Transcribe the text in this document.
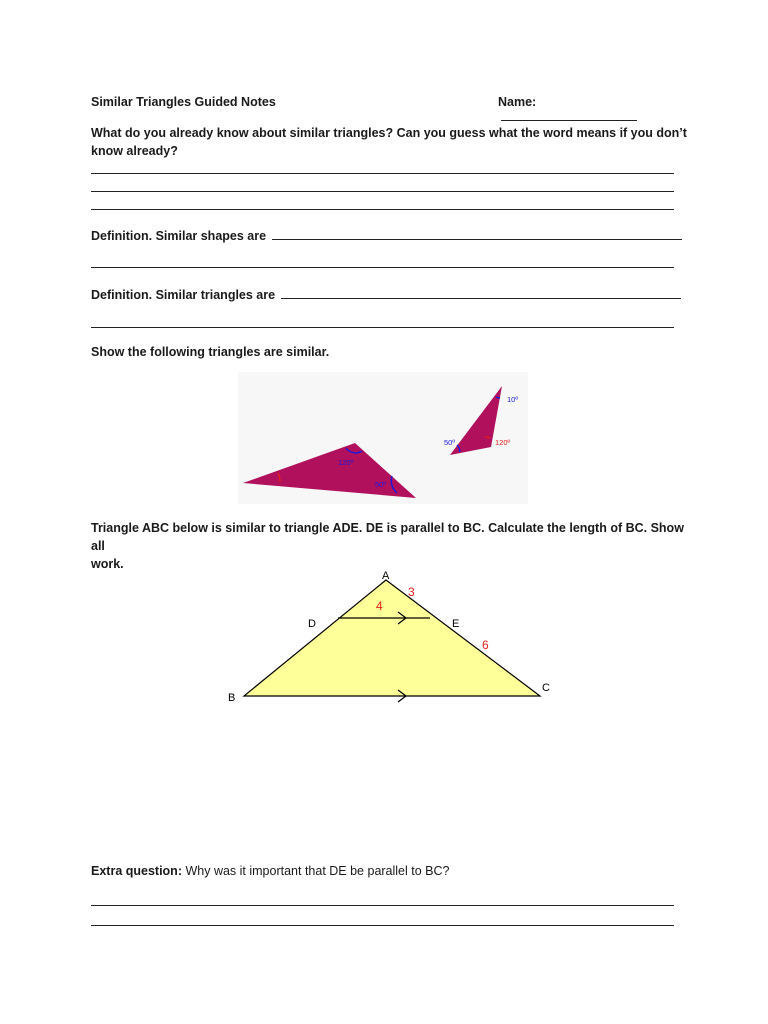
Similar Triangles Guided Notes	Name:
What do you already know about similar triangles? Can you guess what the word means if you don’t
know already?
Definition. Similar shapes are
Definition. Similar triangles are
Show the following triangles are similar.
120º
50º
10º
50º	120º
Triangle ABC below is similar to triangle ADE. DE is parallel to BC. Calculate the length of BC. Show all
work.
A
B
C
D	E
3
4
6
Extra question: Why was it important that DE be parallel to BC?
